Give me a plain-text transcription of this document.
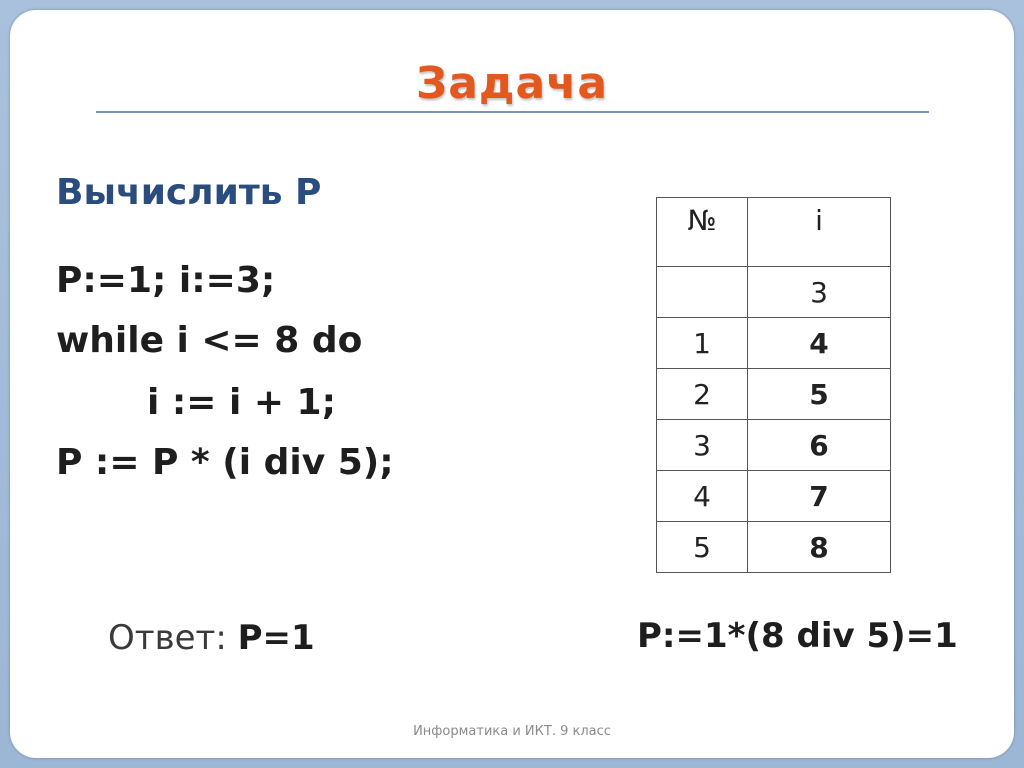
Задача
Вычислить Р
P:=1; i:=3;
while i <= 8 do
i := i + 1;
P := P * (i div 5);
№	i
	3
1	4
2	5
3	6
4	7
5	8
Ответ: Р=1	P:=1*(8 div 5)=1
Информатика и ИКТ. 9 класс
